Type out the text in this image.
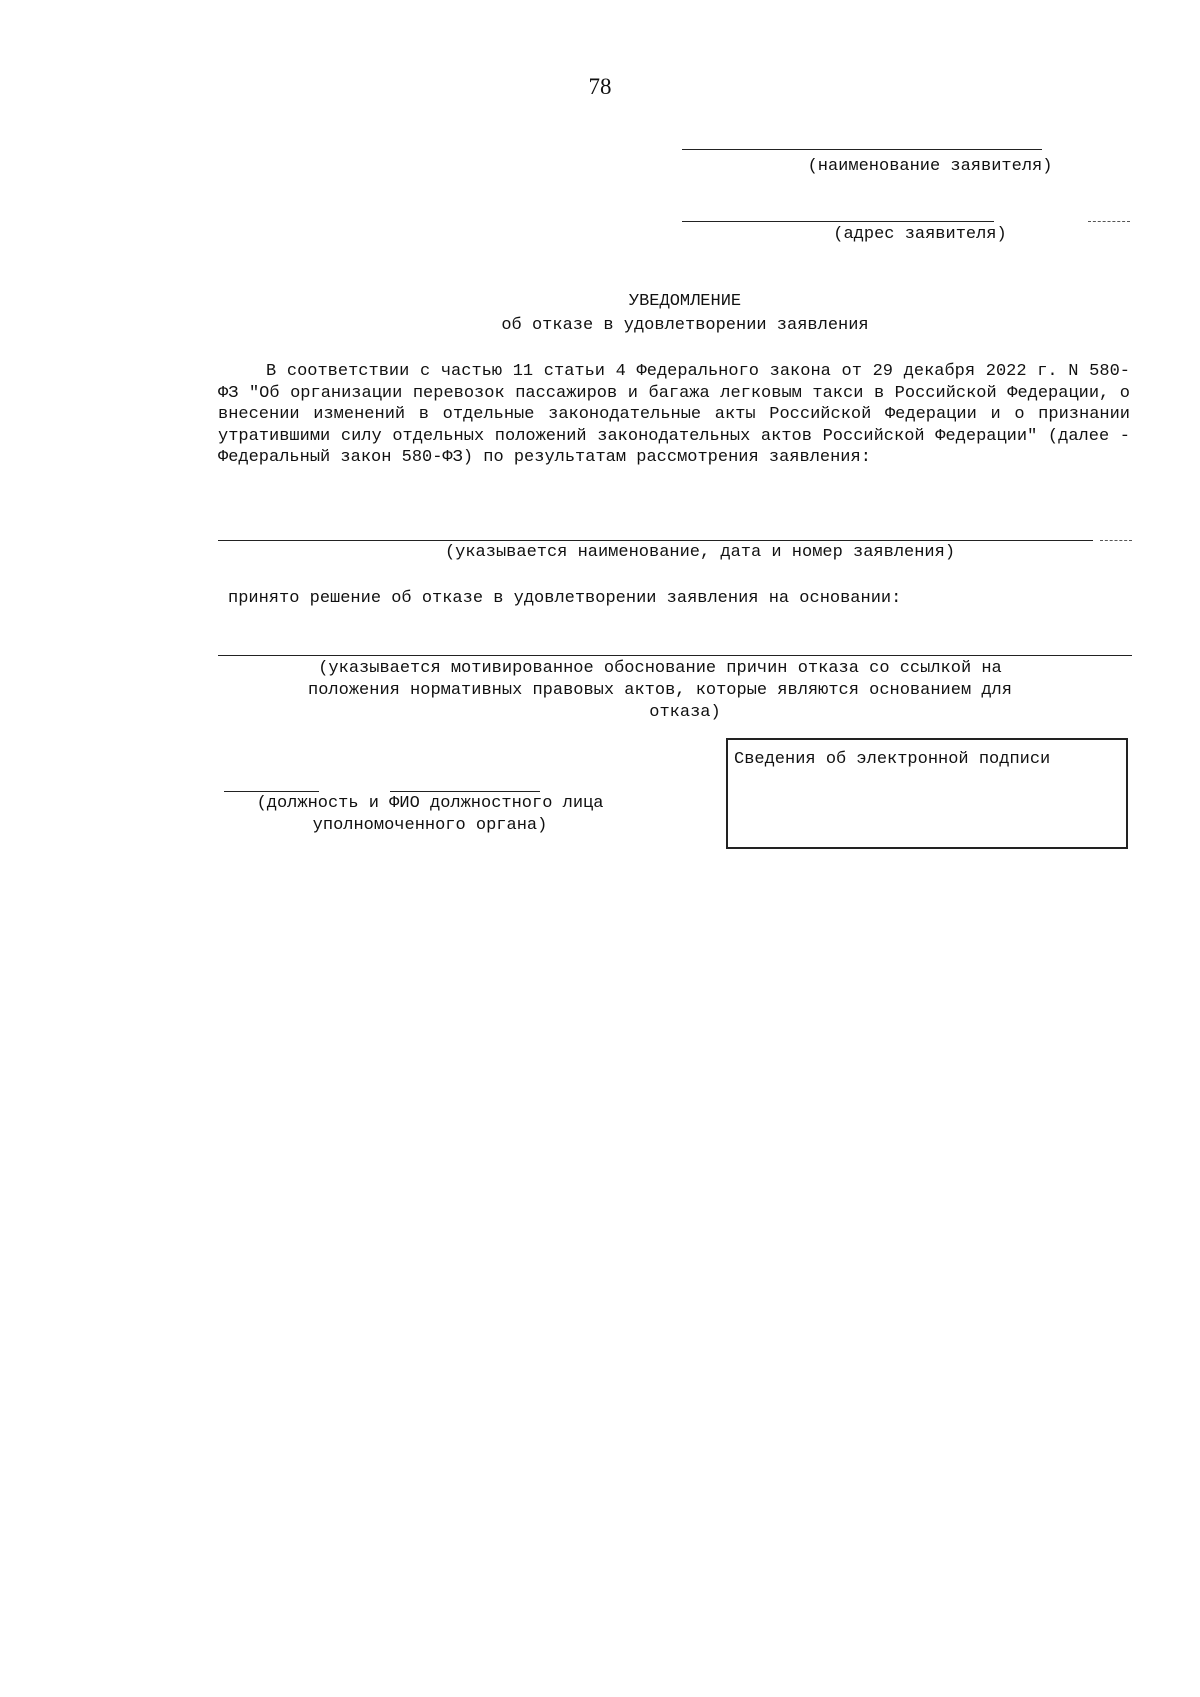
78
(наименование заявителя)
(адрес заявителя)
УВЕДОМЛЕНИЕ
об отказе в удовлетворении заявления
В соответствии с частью 11 статьи 4 Федерального закона от 29 декабря 2022 г. N 580-ФЗ "Об организации перевозок пассажиров и багажа легковым такси в Российской Федерации, о внесении изменений в отдельные законодательные акты Российской Федерации и о признании утратившими силу отдельных положений законодательных актов Российской Федерации" (далее - Федеральный закон 580-ФЗ) по результатам рассмотрения заявления:
(указывается наименование, дата и номер заявления)
принято решение об отказе в удовлетворении заявления на основании:
(указывается мотивированное обоснование причин отказа со ссылкой на
положения нормативных правовых актов, которые являются основанием для
отказа)
(должность и ФИО должностного лица
уполномоченного органа)
Сведения об электронной подписи
